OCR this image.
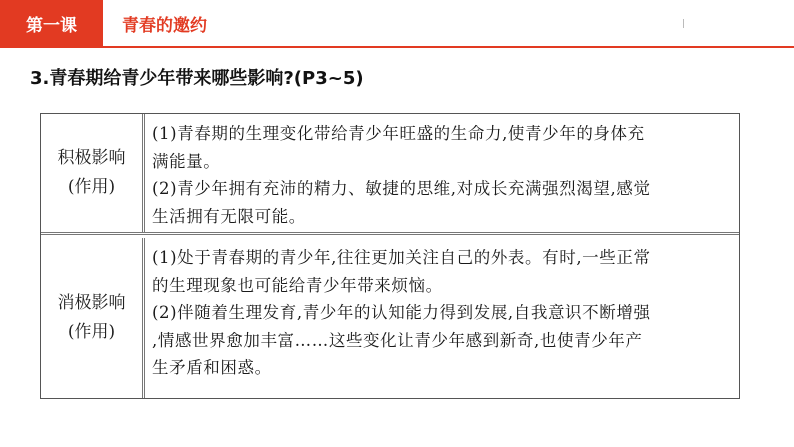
第一课	青春的邀约
3.青春期给青少年带来哪些影响?(P3~5)
积极影响
(作用)
(1)青春期的生理变化带给青少年旺盛的生命力,使青少年的身体充
满能量。
(2)青少年拥有充沛的精力、敏捷的思维,对成长充满强烈渴望,感觉
生活拥有无限可能。
消极影响
(作用)
(1)处于青春期的青少年,往往更加关注自己的外表。有时,一些正常
的生理现象也可能给青少年带来烦恼。
(2)伴随着生理发育,青少年的认知能力得到发展,自我意识不断增强
,情感世界愈加丰富……这些变化让青少年感到新奇,也使青少年产
生矛盾和困惑。
